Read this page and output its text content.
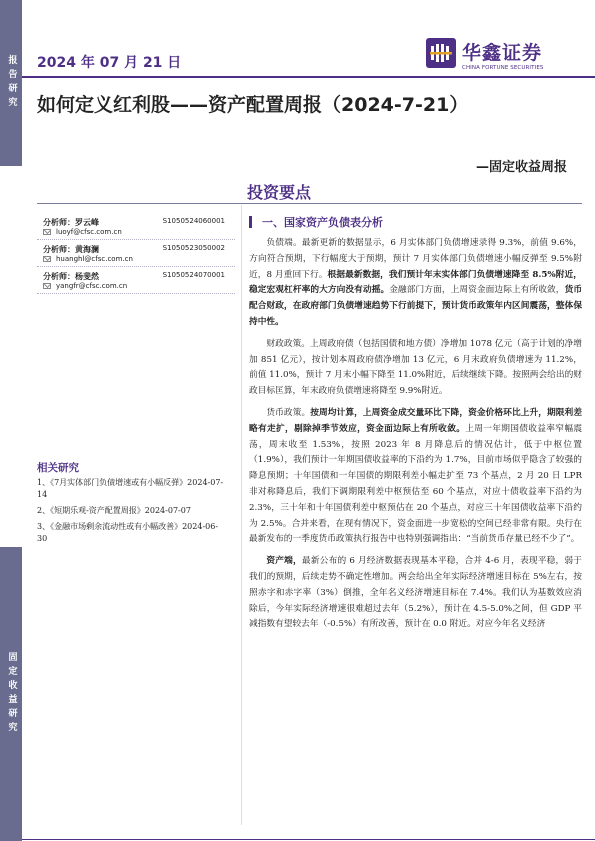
报告研究
固定收益研究
2024 年 07 月 21 日	华鑫证券
CHINA FORTUNE SECURITIES
如何定义红利股——资产配置周报（2024-7-21）
—固定收益周报
投资要点
分析师：罗云峰	S1050524060001
luoyf@cfsc.com.cn
分析师：黄海澜	S1050523050002
huanghl@cfsc.com.cn
分析师：杨斐然	S1050524070001
yangfr@cfsc.com.cn
相关研究
1、《7月实体部门负债增速或有小幅反弹》2024-07-14
2、《短期乐观-资产配置周报》2024-07-07
3、《金融市场剩余流动性或有小幅改善》2024-06-30
一、国家资产负债表分析

负债端。最新更新的数据显示，6 月实体部门负债增速录得 9.3%，前值 9.6%，方向符合预期，下行幅度大于预期，预计 7 月实体部门负债增速小幅反弹至 9.5%附近，8 月重回下行。根据最新数据，我们预计年末实体部门负债增速降至 8.5%附近，稳定宏观杠杆率的大方向没有动摇。金融部门方面，上周资金面边际上有所收敛，货币配合财政，在政府部门负债增速趋势下行前提下，预计货币政策年内区间震荡，整体保持中性。

财政政策。上周政府债（包括国债和地方债）净增加 1078 亿元（高于计划的净增加 851 亿元），按计划本周政府债净增加 13 亿元，6 月末政府负债增速为 11.2%，前值 11.0%，预计 7 月末小幅下降至 11.0%附近，后续继续下降。按照两会给出的财政目标匡算，年末政府负债增速将降至 9.9%附近。

货币政策。按周均计算，上周资金成交量环比下降，资金价格环比上升，期限利差略有走扩，剔除掉季节效应，资金面边际上有所收敛。上周一年期国债收益率窄幅震荡，周末收至 1.53%，按照 2023 年 8 月降息后的情况估计，低于中枢位置（1.9%），我们预计一年期国债收益率的下沿约为 1.7%，目前市场似乎隐含了较强的降息预期；十年国债和一年国债的期限利差小幅走扩至 73 个基点，2 月 20 日 LPR 非对称降息后，我们下调期限利差中枢预估至 60 个基点，对应十债收益率下沿约为 2.3%，三十年和十年国债利差中枢预估在 20 个基点，对应三十年国债收益率下沿约为 2.5%。合并来看，在现有情况下，资金面进一步宽松的空间已经非常有限。央行在最新发布的一季度货币政策执行报告中也特别强调指出：“当前货币存量已经不少了”。

资产端，最新公布的 6 月经济数据表现基本平稳，合并 4-6 月，表现平稳，弱于我们的预期，后续走势不确定性增加。两会给出全年实际经济增速目标在 5%左右，按照赤字和赤字率（3%）倒推，全年名义经济增速目标在 7.4%。我们认为基数效应消除后，今年实际经济增速很难超过去年（5.2%），预计在 4.5-5.0%之间，但 GDP 平减指数有望较去年（-0.5%）有所改善，预计在 0.0 附近。对应今年名义经济
